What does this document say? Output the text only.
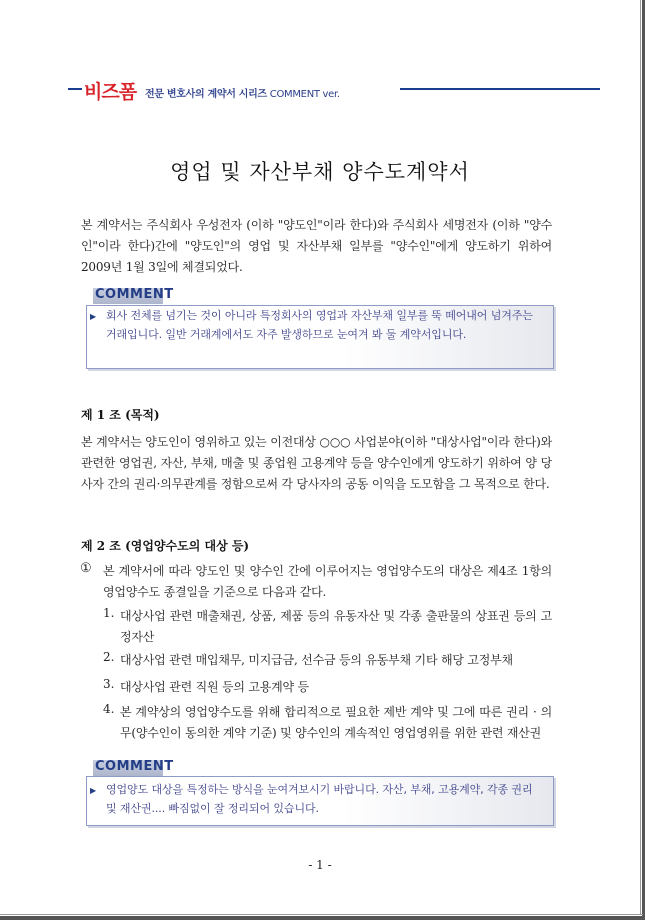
비즈폼 전문 변호사의 계약서 시리즈 COMMENT ver.
영업 및 자산부채 양수도계약서
본 계약서는 주식회사 우성전자 (이하 "양도인"이라 한다)와 주식회사 세명전자 (이하 "양수인"이라 한다)간에 "양도인"의 영업 및 자산부채 일부를 "양수인"에게 양도하기 위하여 2009년 1월 3일에 체결되었다.
COMMENT
▶ 회사 전체를 넘기는 것이 아니라 특정회사의 영업과 자산부채 일부를 뚝 떼어내어 넘겨주는 거래입니다. 일반 거래계에서도 자주 발생하므로 눈여겨 봐 둘 계약서입니다.
제 1 조 (목적)
본 계약서는 양도인이 영위하고 있는 이전대상 ○○○ 사업분야(이하 "대상사업"이라 한다)와 관련한 영업권, 자산, 부채, 매출 및 종업원 고용계약 등을 양수인에게 양도하기 위하여 양 당사자 간의 권리·의무관계를 정함으로써 각 당사자의 공동 이익을 도모함을 그 목적으로 한다.
제 2 조 (영업양수도의 대상 등)
① 본 계약서에 따라 양도인 및 양수인 간에 이루어지는 영업양수도의 대상은 제4조 1항의 영업양수도 종결일을 기준으로 다음과 같다.
1. 대상사업 관련 매출채권, 상품, 제품 등의 유동자산 및 각종 출판물의 상표권 등의 고정자산
2. 대상사업 관련 매입채무, 미지급금, 선수금 등의 유동부채 기타 해당 고정부채
3. 대상사업 관련 직원 등의 고용계약 등
4. 본 계약상의 영업양수도를 위해 합리적으로 필요한 제반 계약 및 그에 따른 권리 · 의무(양수인이 동의한 계약 기준) 및 양수인의 계속적인 영업영위를 위한 관련 재산권
COMMENT
▶ 영업양도 대상을 특정하는 방식을 눈여겨보시기 바랍니다. 자산, 부채, 고용계약, 각종 권리 및 재산권.... 빠짐없이 잘 정리되어 있습니다.
- 1 -
